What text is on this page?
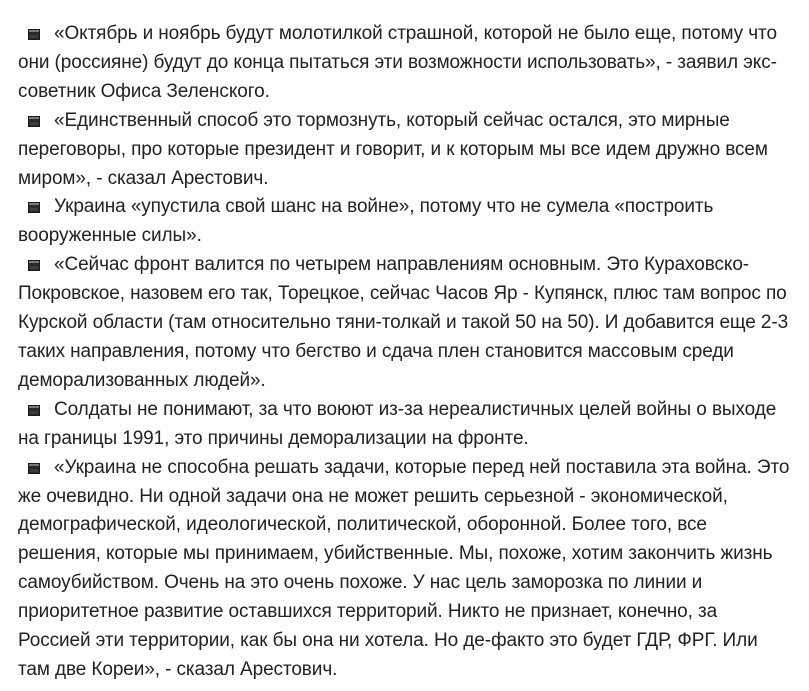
«Октябрь и ноябрь будут молотилкой страшной, которой не было еще, потому что они (россияне) будут до конца пытаться эти возможности использовать», - заявил экс-советник Офиса Зеленского.

«Единственный способ это тормознуть, который сейчас остался, это мирные переговоры, про которые президент и говорит, и к которым мы все идем дружно всем миром», - сказал Арестович.

Украина «упустила свой шанс на войне», потому что не сумела «построить вооруженные силы».

«Сейчас фронт валится по четырем направлениям основным. Это Кураховско-Покровское, назовем его так, Торецкое, сейчас Часов Яр - Купянск, плюс там вопрос по Курской области (там относительно тяни-толкай и такой 50 на 50). И добавится еще 2-3 таких направления, потому что бегство и сдача плен становится массовым среди деморализованных людей».

Солдаты не понимают, за что воюют из-за нереалистичных целей войны о выходе на границы 1991, это причины деморализации на фронте.

«Украина не способна решать задачи, которые перед ней поставила эта война. Это же очевидно. Ни одной задачи она не может решить серьезной - экономической, демографической, идеологической, политической, оборонной. Более того, все решения, которые мы принимаем, убийственные. Мы, похоже, хотим закончить жизнь самоубийством. Очень на это очень похоже. У нас цель заморозка по линии и приоритетное развитие оставшихся территорий. Никто не признает, конечно, за Россией эти территории, как бы она ни хотела. Но де-факто это будет ГДР, ФРГ. Или там две Кореи», - сказал Арестович.
